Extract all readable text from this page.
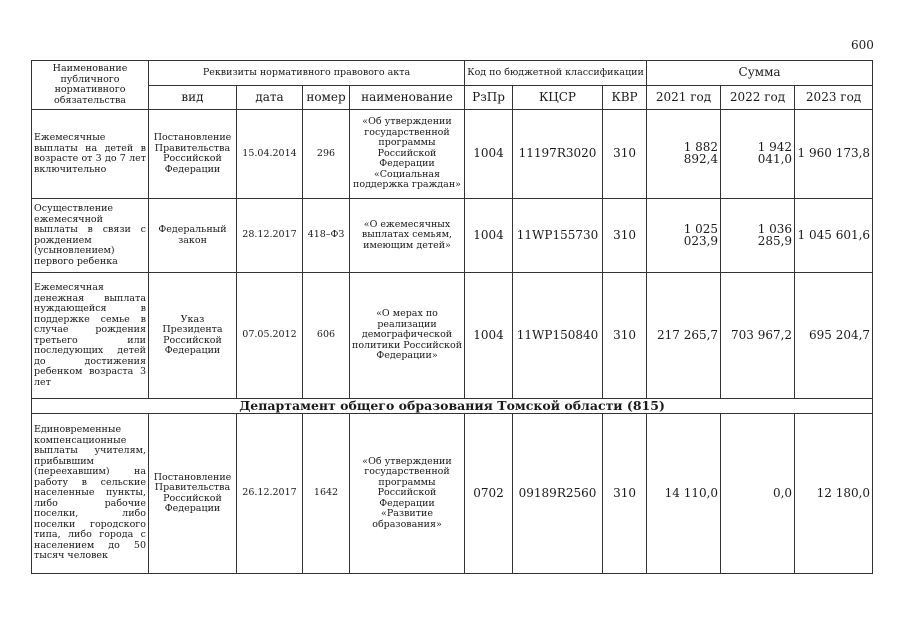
600
Наименование публичного нормативного обязательства	Реквизиты нормативного правового акта				Код по бюджетной классификации			Сумма		
	вид	дата	номер	наименование	РзПр	КЦСР	КВР	2021 год	2022 год	2023 год
Ежемесячные выплаты на детей в возрасте от 3 до 7 лет включительно	Постановление Правительства Российской Федерации	15.04.2014	296	«Об утверждении государственной программы Российской Федерации «Социальная поддержка граждан»	1004	11197R3020	310	1 882 892,4	1 942 041,0	1 960 173,8
Осуществление ежемесячной выплаты в связи с рождением (усыновлением) первого ребенка	Федеральный закон	28.12.2017	418–ФЗ	«О ежемесячных выплатах семьям, имеющим детей»	1004	11WP155730	310	1 025 023,9	1 036 285,9	1 045 601,6
Ежемесячная денежная выплата нуждающейся в поддержке семье в случае рождения третьего или последующих детей до достижения ребенком возраста 3 лет	Указ Президента Российской Федерации	07.05.2012	606	«О мерах по реализации демографической политики Российской Федерации»	1004	11WP150840	310	217 265,7	703 967,2	695 204,7
Департамент общего образования Томской области (815)										
Единовременные компенсационные выплаты учителям, прибывшим (переехавшим) на работу в сельские населенные пункты, либо рабочие поселки, либо поселки городского типа, либо города с населением до 50 тысяч человек	Постановление Правительства Российской Федерации	26.12.2017	1642	«Об утверждении государственной программы Российской Федерации «Развитие образования»	0702	09189R2560	310	14 110,0	0,0	12 180,0
